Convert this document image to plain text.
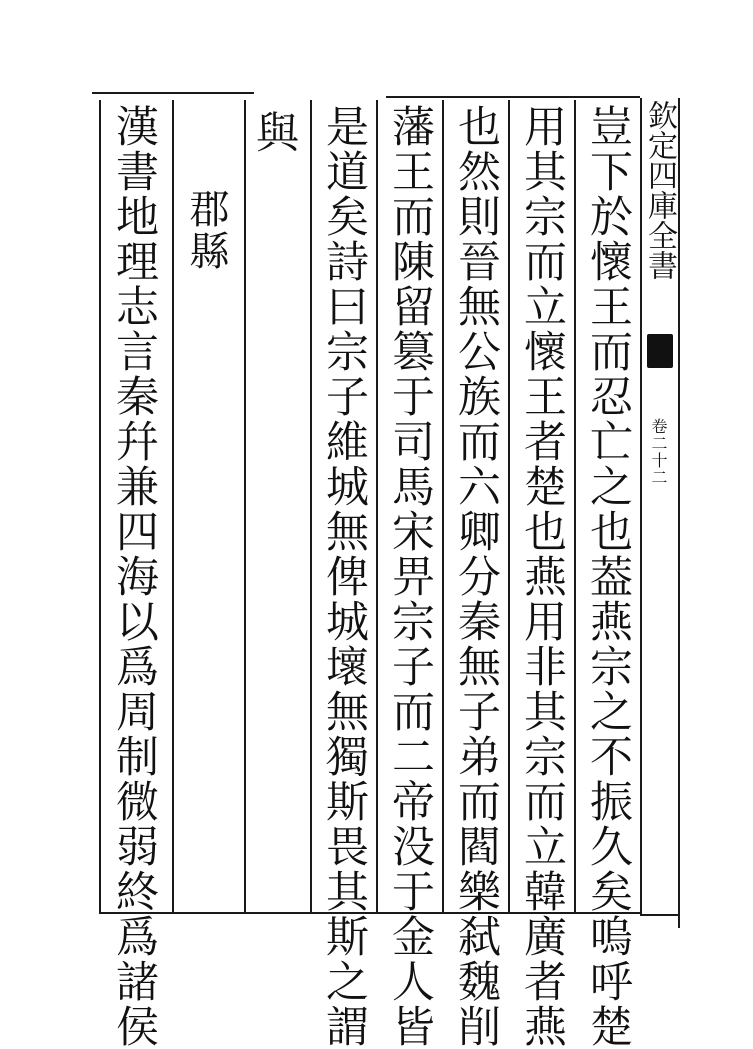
欽定四庫全書
卷二十二
豈下於懷王而忍亡之也葢燕宗之不振久矣嗚呼楚
用其宗而立懷王者楚也燕用非其宗而立韓廣者燕
也然則晉無公族而六卿分秦無子弟而閻樂弑魏削
藩王而陳留篡于司馬宋畀宗子而二帝没于金人皆
是道矣詩曰宗子維城無俾城壞無獨斯畏其斯之謂
與
郡縣
漢書地理志言秦幷兼四海以爲周制微弱終爲諸侯
